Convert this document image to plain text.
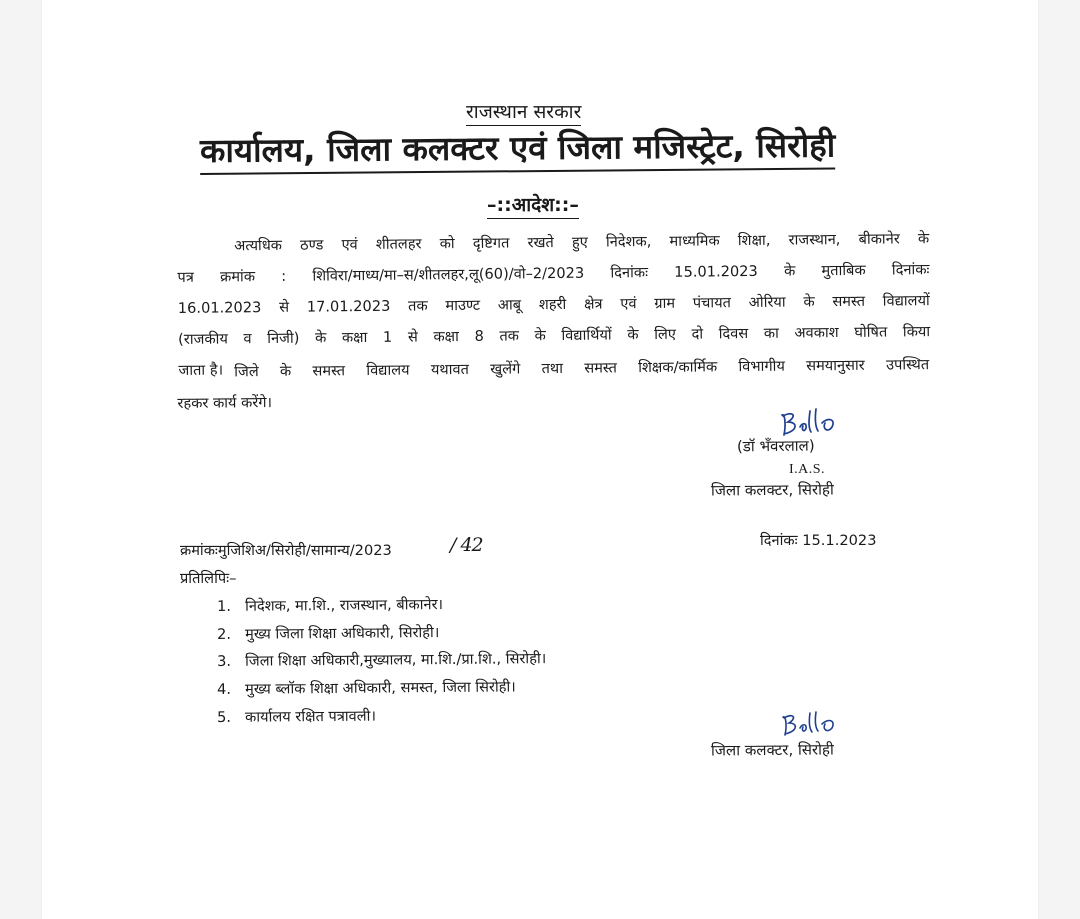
राजस्थान सरकार
कार्यालय, जिला कलक्टर एवं जिला मजिस्ट्रेट, सिरोही
–::आदेश::–
अत्यधिक ठण्ड एवं शीतलहर को दृष्टिगत रखते हुए निदेशक, माध्यमिक शिक्षा, राजस्थान, बीकानेर के
पत्र क्रमांक : शिविरा/माध्य/मा–स/शीतलहर,लू(60)/वो–2/2023 दिनांकः 15.01.2023 के मुताबिक दिनांकः
16.01.2023 से 17.01.2023 तक माउण्ट आबू शहरी क्षेत्र एवं ग्राम पंचायत ओरिया के समस्त विद्यालयों
(राजकीय व निजी) के कक्षा 1 से कक्षा 8 तक के विद्यार्थियों के लिए दो दिवस का अवकाश घोषित किया
जाता है। जिले के समस्त विद्यालय यथावत खुलेंगे तथा समस्त शिक्षक/कार्मिक विभागीय समयानुसार उपस्थित
रहकर कार्य करेंगे।
(डॉ भँवरलाल)
I.A.S.
जिला कलक्टर, सिरोही
क्रमांकःमुजिशिअ/सिरोही/सामान्य/2023	/ 42	दिनांकः 15.1.2023
प्रतिलिपिः–
1. निदेशक, मा.शि., राजस्थान, बीकानेर।
2. मुख्य जिला शिक्षा अधिकारी, सिरोही।
3. जिला शिक्षा अधिकारी,मुख्यालय, मा.शि./प्रा.शि., सिरोही।
4. मुख्य ब्लॉक शिक्षा अधिकारी, समस्त, जिला सिरोही।
5. कार्यालय रक्षित पत्रावली।
जिला कलक्टर, सिरोही
